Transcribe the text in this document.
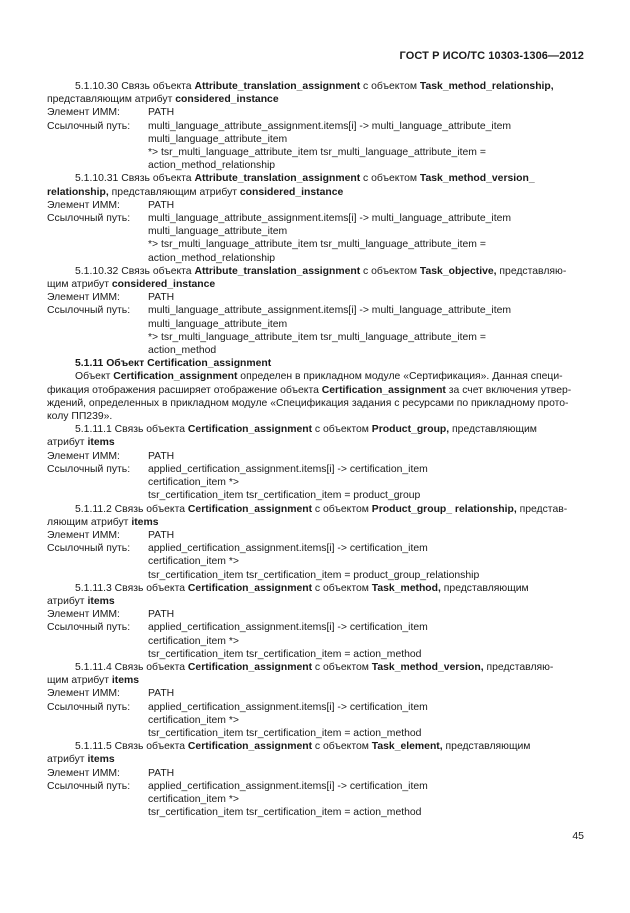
ГОСТ Р ИСО/ТС 10303-1306—2012

5.1.10.30 Связь объекта Attribute_translation_assignment с объектом Task_method_relationship,

представляющим атрибут considered_instance

Элемент ИММ:	PATH
Ссылочный путь:	multi_language_attribute_assignment.items[i] -> multi_language_attribute_item
multi_language_attribute_item
*> tsr_multi_language_attribute_item tsr_multi_language_attribute_item =
action_method_relationship

5.1.10.31 Связь объекта Attribute_translation_assignment с объектом Task_method_version_

relationship, представляющим атрибут considered_instance

Элемент ИММ:	PATH
Ссылочный путь:	multi_language_attribute_assignment.items[i] -> multi_language_attribute_item
multi_language_attribute_item
*> tsr_multi_language_attribute_item tsr_multi_language_attribute_item =
action_method_relationship

5.1.10.32 Связь объекта Attribute_translation_assignment с объектом Task_objective, представляю-

щим атрибут considered_instance

Элемент ИММ:	PATH
Ссылочный путь:	multi_language_attribute_assignment.items[i] -> multi_language_attribute_item
multi_language_attribute_item
*> tsr_multi_language_attribute_item tsr_multi_language_attribute_item =
action_method

5.1.11 Объект Certification_assignment

Объект Certification_assignment определен в прикладном модуле «Сертификация». Данная специ-

фикация отображения расширяет отображение объекта Certification_assignment за счет включения утвер-

ждений, определенных в прикладном модуле «Спецификация задания с ресурсами по прикладному прото-

колу ПП239».

5.1.11.1 Связь объекта Certification_assignment с объектом Product_group, представляющим

атрибут items

Элемент ИММ:	PATH
Ссылочный путь:	applied_certification_assignment.items[i] -> certification_item
certification_item *>
tsr_certification_item tsr_certification_item = product_group

5.1.11.2 Связь объекта Certification_assignment с объектом Product_group_ relationship, представ-

ляющим атрибут items

Элемент ИММ:	PATH
Ссылочный путь:	applied_certification_assignment.items[i] -> certification_item
certification_item *>
tsr_certification_item tsr_certification_item = product_group_relationship

5.1.11.3 Связь объекта Certification_assignment с объектом Task_method, представляющим

атрибут items

Элемент ИММ:	PATH
Ссылочный путь:	applied_certification_assignment.items[i] -> certification_item
certification_item *>
tsr_certification_item tsr_certification_item = action_method

5.1.11.4 Связь объекта Certification_assignment с объектом Task_method_version, представляю-

щим атрибут items

Элемент ИММ:	PATH
Ссылочный путь:	applied_certification_assignment.items[i] -> certification_item
certification_item *>
tsr_certification_item tsr_certification_item = action_method

5.1.11.5 Связь объекта Certification_assignment с объектом Task_element, представляющим

атрибут items

Элемент ИММ:	PATH
Ссылочный путь:	applied_certification_assignment.items[i] -> certification_item
certification_item *>
tsr_certification_item tsr_certification_item = action_method
45
